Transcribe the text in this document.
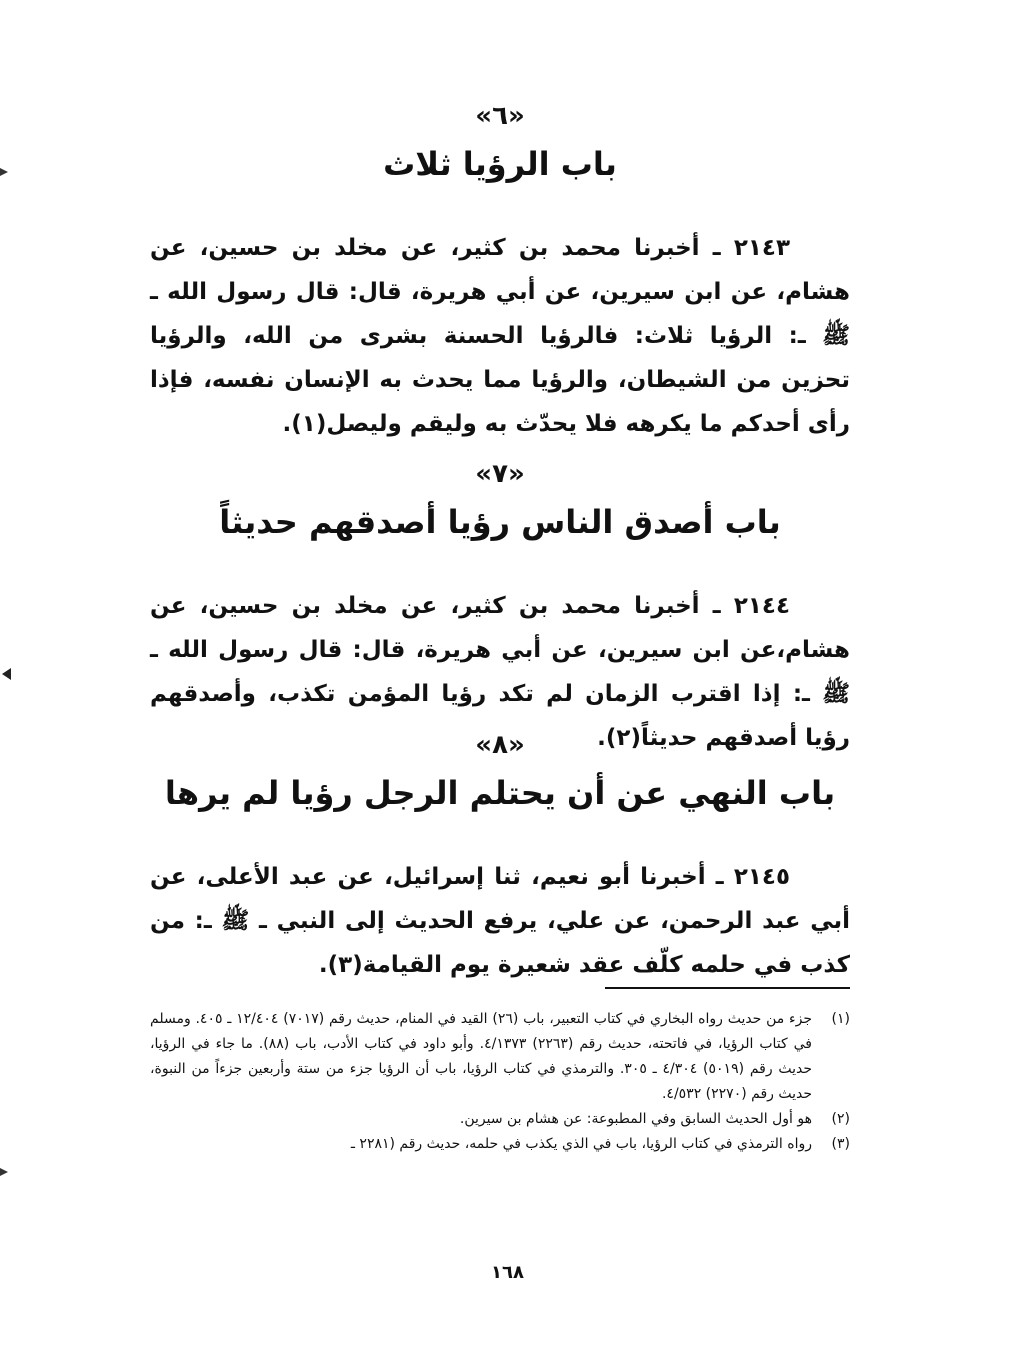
«٦»
باب الرؤيا ثلاث

٢١٤٣ ـ أخبرنا محمد بن كثير، عن مخلد بن حسين، عن هشام، عن ابن سيرين، عن أبي هريرة، قال: قال رسول الله ـ ﷺ ـ: الرؤيا ثلاث: فالرؤيا الحسنة بشرى من الله، والرؤيا تحزين من الشيطان، والرؤيا مما يحدث به الإنسان نفسه، فإذا رأى أحدكم ما يكرهه فلا يحدّث به وليقم وليصل(١).

«٧»
باب أصدق الناس رؤيا أصدقهم حديثاً

٢١٤٤ ـ أخبرنا محمد بن كثير، عن مخلد بن حسين، عن هشام،عن ابن سيرين، عن أبي هريرة، قال: قال رسول الله ـ ﷺ ـ: إذا اقترب الزمان لم تكد رؤيا المؤمن تكذب، وأصدقهم رؤيا أصدقهم حديثاً(٢).

«٨»
باب النهي عن أن يحتلم الرجل رؤيا لم يرها

٢١٤٥ ـ أخبرنا أبو نعيم، ثنا إسرائيل، عن عبد الأعلى، عن أبي عبد الرحمن، عن علي، يرفع الحديث إلى النبي ـ ﷺ ـ: من كذب في حلمه كلّف عقد شعيرة يوم القيامة(٣).

(١)
جزء من حديث رواه البخاري في كتاب التعبير، باب (٢٦) القيد في المنام، حديث رقم (٧٠١٧) ١٢/٤٠٤ ـ ٤٠٥. ومسلم في كتاب الرؤيا، في فاتحته، حديث رقم (٢٢٦٣) ٤/١٣٧٣. وأبو داود في كتاب الأدب، باب (٨٨). ما جاء في الرؤيا، حديث رقم (٥٠١٩) ٤/٣٠٤ ـ ٣٠٥. والترمذي في كتاب الرؤيا، باب أن الرؤيا جزء من ستة وأربعين جزءاً من النبوة، حديث رقم (٢٢٧٠) ٤/٥٣٢.
(٢)
هو أول الحديث السابق وفي المطبوعة: عن هشام بن سيرين.
(٣)
رواه الترمذي في كتاب الرؤيا، باب في الذي يكذب في حلمه، حديث رقم (٢٢٨١ ـ
١٦٨
